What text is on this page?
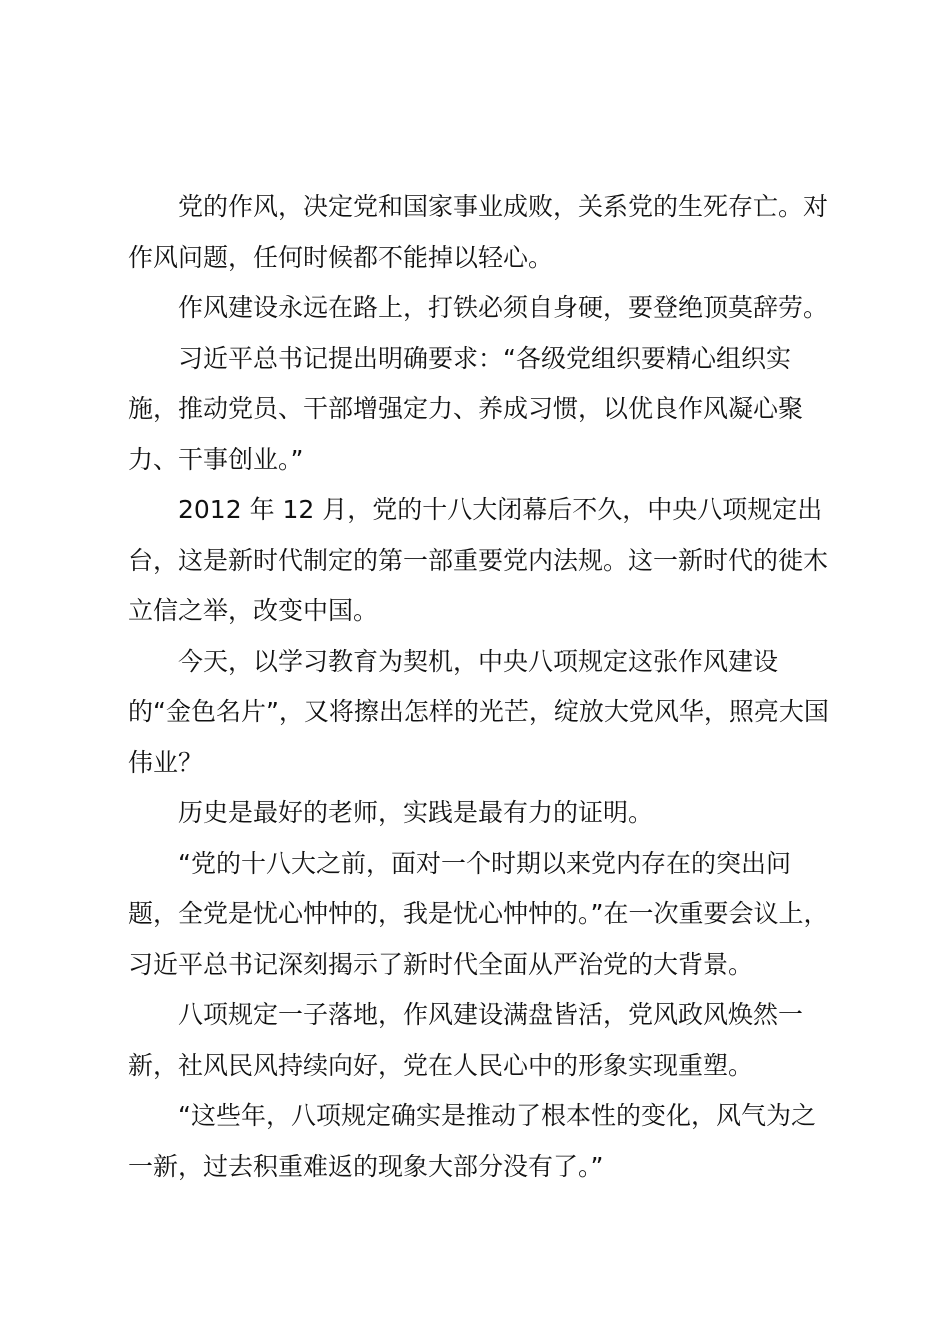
党的作风，决定党和国家事业成败，关系党的生死存亡。对作风问题，任何时候都不能掉以轻心。

作风建设永远在路上，打铁必须自身硬，要登绝顶莫辞劳。

习近平总书记提出明确要求：“各级党组织要精心组织实施，推动党员、干部增强定力、养成习惯，以优良作风凝心聚力、干事创业。”

2012 年 12 月，党的十八大闭幕后不久，中央八项规定出台，这是新时代制定的第一部重要党内法规。这一新时代的徙木立信之举，改变中国。

今天，以学习教育为契机，中央八项规定这张作风建设的“金色名片”，又将擦出怎样的光芒，绽放大党风华，照亮大国伟业？

历史是最好的老师，实践是最有力的证明。

“党的十八大之前，面对一个时期以来党内存在的突出问题，全党是忧心忡忡的，我是忧心忡忡的。”在一次重要会议上，习近平总书记深刻揭示了新时代全面从严治党的大背景。

八项规定一子落地，作风建设满盘皆活，党风政风焕然一新，社风民风持续向好，党在人民心中的形象实现重塑。

“这些年，八项规定确实是推动了根本性的变化，风气为之一新，过去积重难返的现象大部分没有了。”
